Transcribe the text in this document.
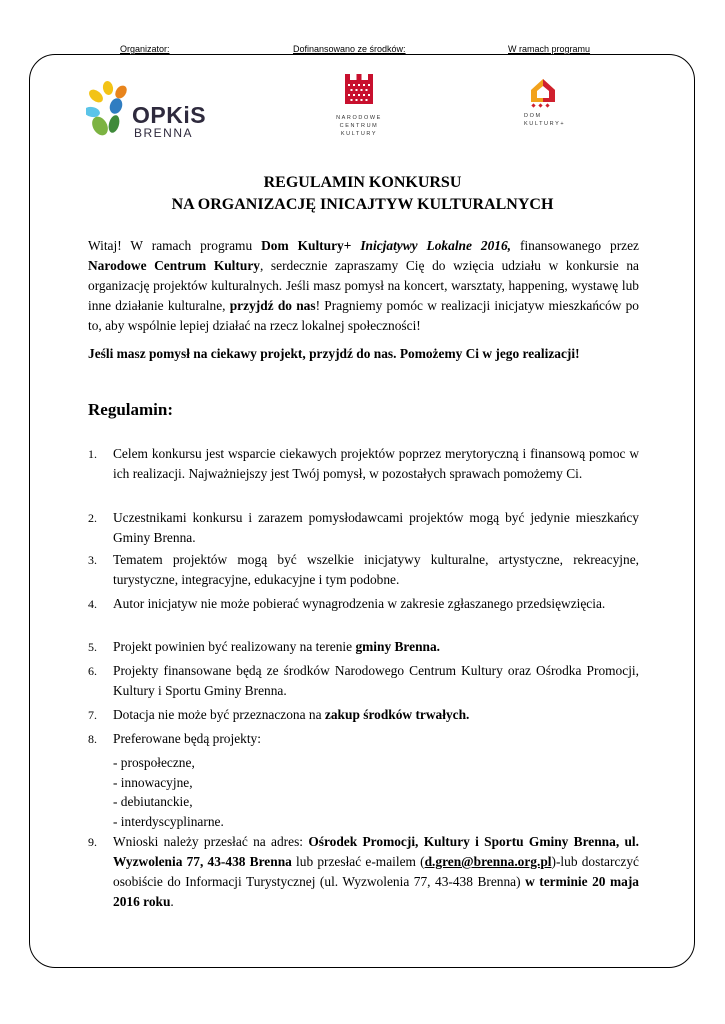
Organizator:	Dofinansowano ze środków:	W ramach programu
OPKiS
BRENNA
NARODOWE
CENTRUM
KULTURY
DOM
KULTURY+
REGULAMIN KONKURSU
NA ORGANIZACJĘ INICAJTYW KULTURALNYCH
Witaj! W ramach programu Dom Kultury+ Inicjatywy Lokalne 2016, finansowanego przez Narodowe Centrum Kultury, serdecznie zapraszamy Cię do wzięcia udziału w konkursie na organizację projektów kulturalnych. Jeśli masz pomysł na koncert, warsztaty, happening, wystawę lub inne działanie kulturalne, przyjdź do nas! Pragniemy pomóc w realizacji inicjatyw mieszkańców po to, aby wspólnie lepiej działać na rzecz lokalnej społeczności!
Jeśli masz pomysł na ciekawy projekt, przyjdź do nas. Pomożemy Ci w jego realizacji!
Regulamin:
1.	Celem konkursu jest wsparcie ciekawych projektów poprzez merytoryczną i finansową pomoc w ich realizacji. Najważniejszy jest Twój pomysł, w pozostałych sprawach pomożemy Ci.
2.	Uczestnikami konkursu i zarazem pomysłodawcami projektów mogą być jedynie mieszkańcy Gminy Brenna.
3.	Tematem projektów mogą być wszelkie inicjatywy kulturalne, artystyczne, rekreacyjne, turystyczne, integracyjne, edukacyjne i tym podobne.
4.	Autor inicjatyw nie może pobierać wynagrodzenia w zakresie zgłaszanego przedsięwzięcia.
5.	Projekt powinien być realizowany na terenie gminy Brenna.
6.	Projekty finansowane będą ze środków Narodowego Centrum Kultury oraz Ośrodka Promocji, Kultury i Sportu Gminy Brenna.
7.	Dotacja nie może być przeznaczona na zakup środków trwałych.
8.	Preferowane będą projekty:
- prospołeczne,
- innowacyjne,
- debiutanckie,
- interdyscyplinarne.
9.	Wnioski należy przesłać na adres: Ośrodek Promocji, Kultury i Sportu Gminy Brenna, ul. Wyzwolenia 77, 43-438 Brenna lub przesłać e-mailem (d.gren@brenna.org.pl)-lub dostarczyć osobiście do Informacji Turystycznej (ul. Wyzwolenia 77, 43-438 Brenna) w terminie 20 maja 2016 roku.
